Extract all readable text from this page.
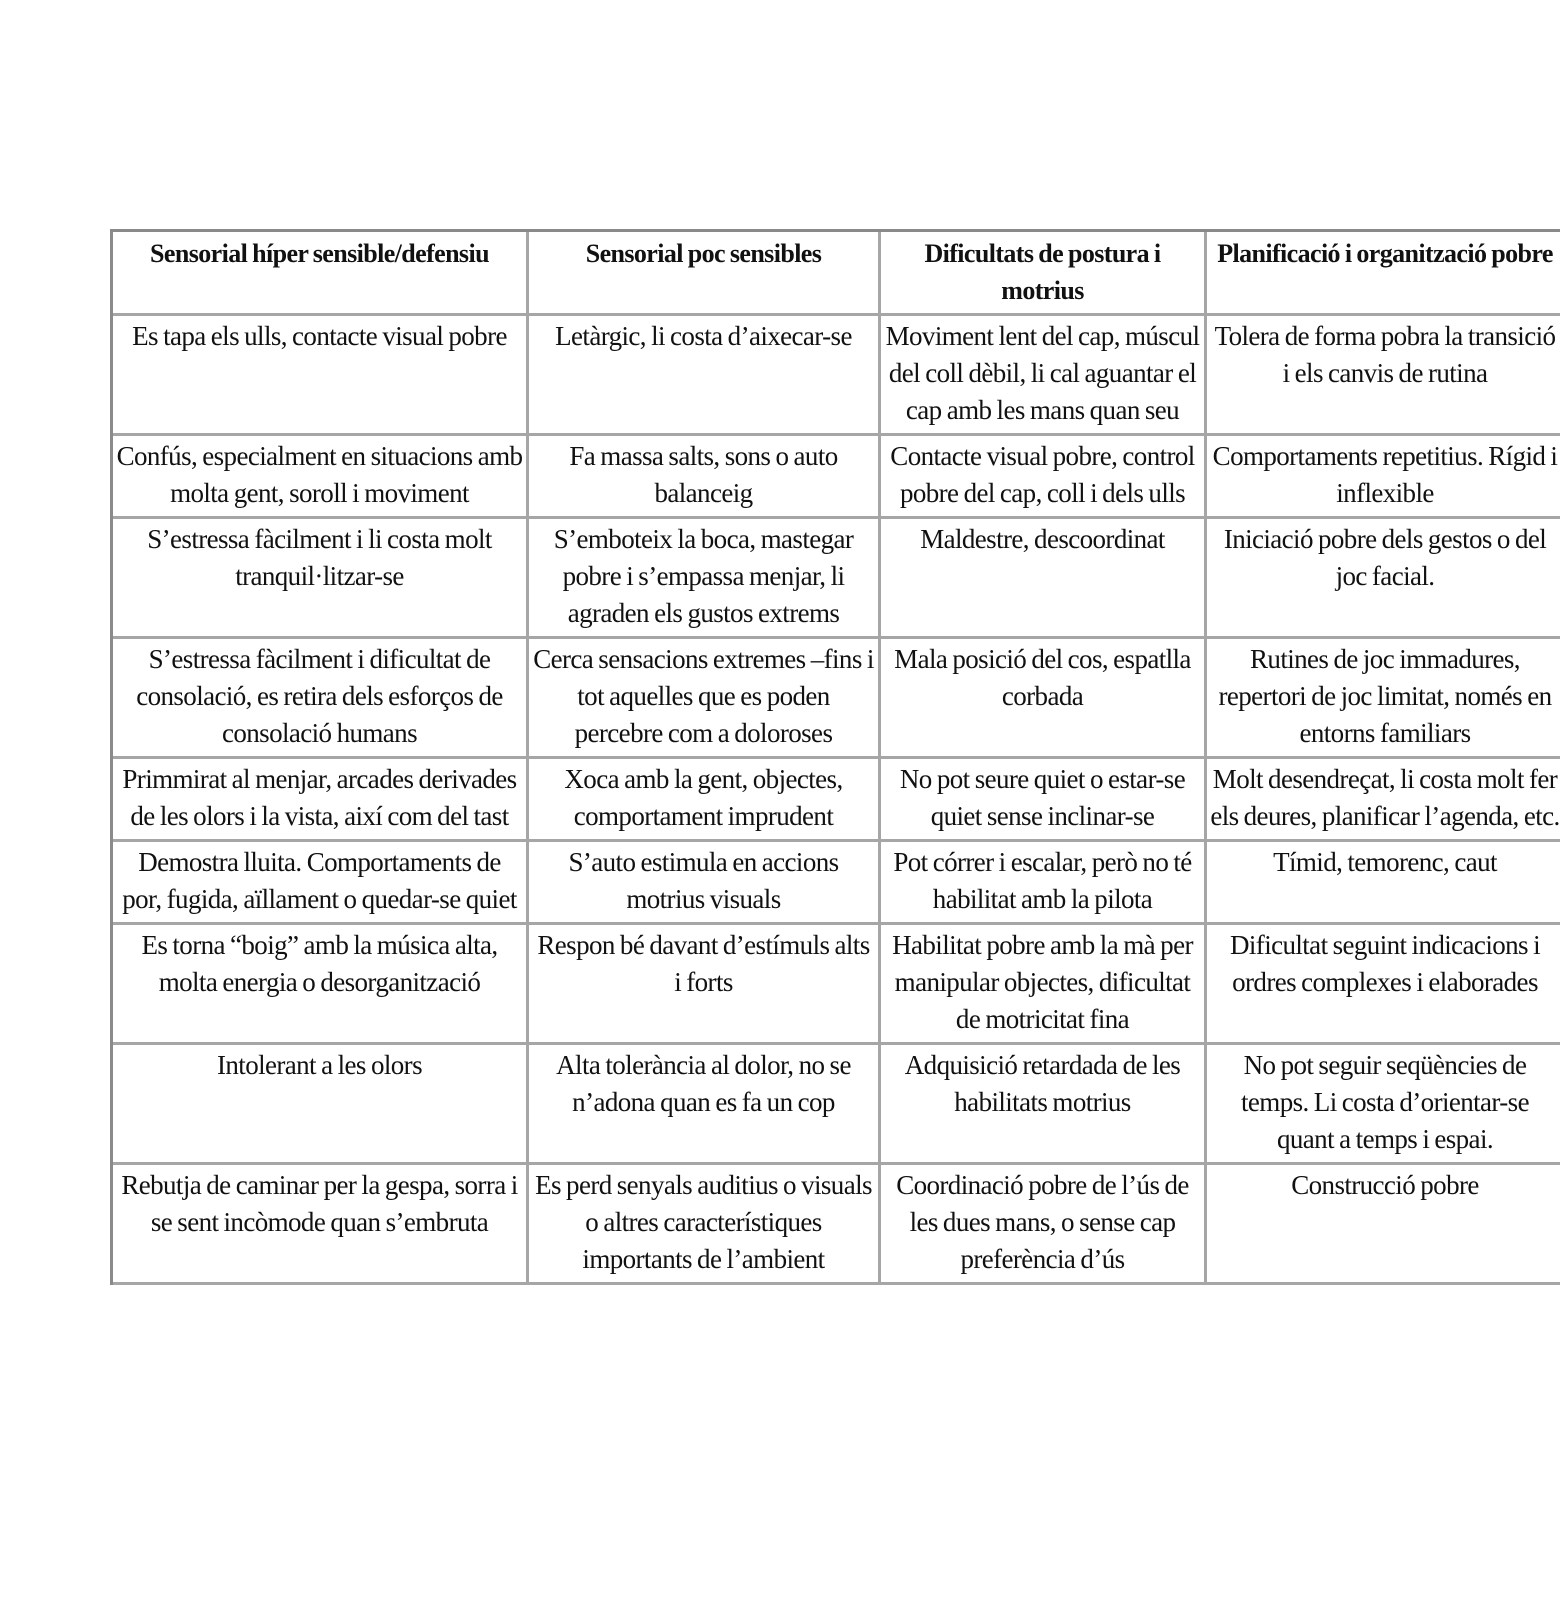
Sensorial híper sensible/defensiu	Sensorial poc sensibles	Dificultats de postura i motrius	Planificació i organització pobre
Es tapa els ulls, contacte visual pobre	Letàrgic, li costa d’aixecar-se	Moviment lent del cap, múscul del coll dèbil, li cal aguantar el cap amb les mans quan seu	Tolera de forma pobra la transició i els canvis de rutina
Confús, especialment en situacions amb molta gent, soroll i moviment	Fa massa salts, sons o auto balanceig	Contacte visual pobre, control pobre del cap, coll i dels ulls	Comportaments repetitius. Rígid i inflexible
S’estressa fàcilment i li costa molt tranquil·litzar-se	S’emboteix la boca, mastegar pobre i s’empassa menjar, li agraden els gustos extrems	Maldestre, descoordinat	Iniciació pobre dels gestos o del joc facial.
S’estressa fàcilment i dificultat de consolació, es retira dels esforços de consolació humans	Cerca sensacions extremes –fins i tot aquelles que es poden percebre com a doloroses	Mala posició del cos, espatlla corbada	Rutines de joc immadures, repertori de joc limitat, només en entorns familiars
Primmirat al menjar, arcades derivades de les olors i la vista, així com del tast	Xoca amb la gent, objectes, comportament imprudent	No pot seure quiet o estar-se quiet sense inclinar-se	Molt desendreçat, li costa molt fer els deures, planificar l’agenda, etc.
Demostra lluita. Comportaments de por, fugida, aïllament o quedar-se quiet	S’auto estimula en accions motrius visuals	Pot córrer i escalar, però no té habilitat amb la pilota	Tímid, temorenc, caut
Es torna “boig” amb la música alta, molta energia o desorganització	Respon bé davant d’estímuls alts i forts	Habilitat pobre amb la mà per manipular objectes, dificultat de motricitat fina	Dificultat seguint indicacions i ordres complexes i elaborades
Intolerant a les olors	Alta tolerància al dolor, no se n’adona quan es fa un cop	Adquisició retardada de les habilitats motrius	No pot seguir seqüències de temps. Li costa d’orientar-se quant a temps i espai.
Rebutja de caminar per la gespa, sorra i se sent incòmode quan s’embruta	Es perd senyals auditius o visuals o altres característiques importants de l’ambient	Coordinació pobre de l’ús de les dues mans, o sense cap preferència d’ús	Construcció pobre
